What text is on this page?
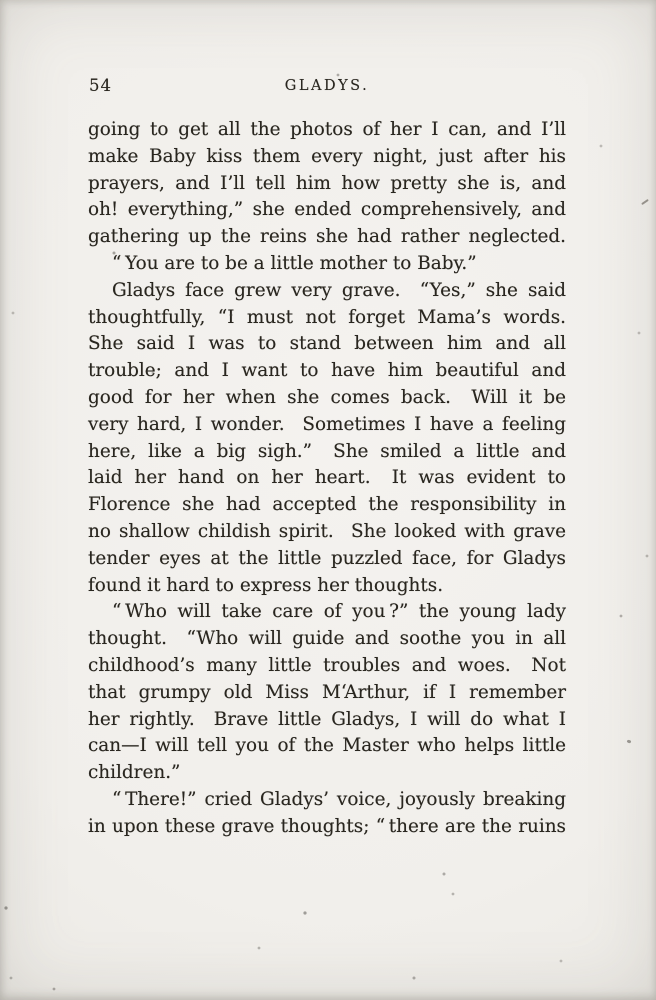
54	GLADYS.
going to get all the photos of her I can, and I’ll
make Baby kiss them every night, just after his
prayers, and I’ll tell him how pretty she is, and
oh! everything,” she ended comprehensively, and
gathering up the reins she had rather neglected.
“ You are to be a little mother to Baby.”
Gladys face grew very grave.  “Yes,” she said
thoughtfully, “I must not forget Mama’s words.
She said I was to stand between him and all
trouble; and I want to have him beautiful and
good for her when she comes back.  Will it be
very hard, I wonder.  Sometimes I have a feeling
here, like a big sigh.”  She smiled a little and
laid her hand on her heart.  It was evident to
Florence she had accepted the responsibility in
no shallow childish spirit.  She looked with grave
tender eyes at the little puzzled face, for Gladys
found it hard to express her thoughts.
“ Who will take care of you ?” the young lady
thought.  “Who will guide and soothe you in all
childhood’s many little troubles and woes.  Not
that grumpy old Miss M‘Arthur, if I remember
her rightly.  Brave little Gladys, I will do what I
can—I will tell you of the Master who helps little
children.”
“ There!” cried Gladys’ voice, joyously breaking
in upon these grave thoughts; “ there are the ruins
